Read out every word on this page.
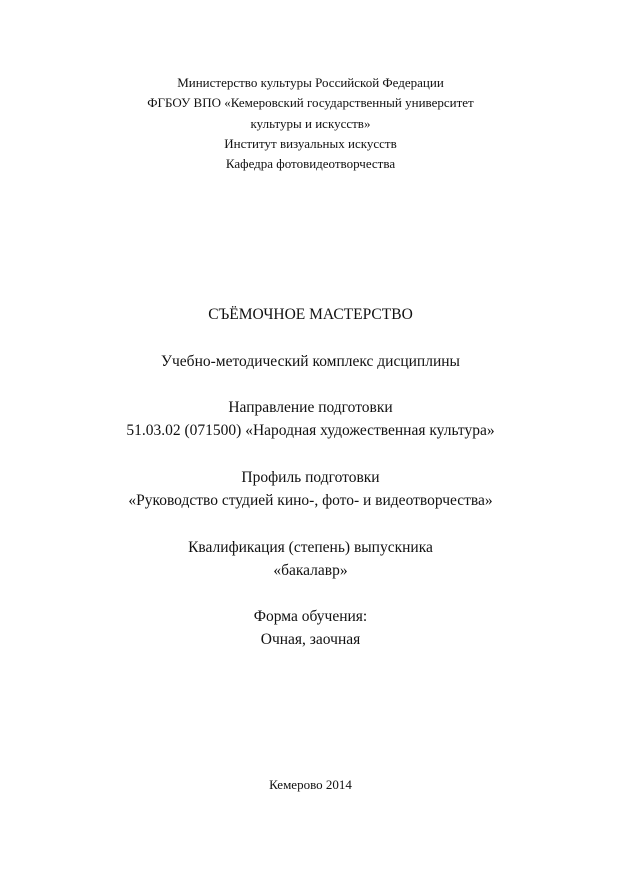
Министерство культуры Российской Федерации
ФГБОУ ВПО «Кемеровский государственный университет
культуры и искусств»
Институт визуальных искусств
Кафедра фотовидеотворчества
СЪЁМОЧНОЕ МАСТЕРСТВО
Учебно-методический комплекс дисциплины
Направление подготовки
51.03.02 (071500) «Народная художественная культура»
Профиль подготовки
«Руководство студией кино-, фото- и видеотворчества»
Квалификация (степень) выпускника
«бакалавр»
Форма обучения:
Очная, заочная
Кемерово 2014
